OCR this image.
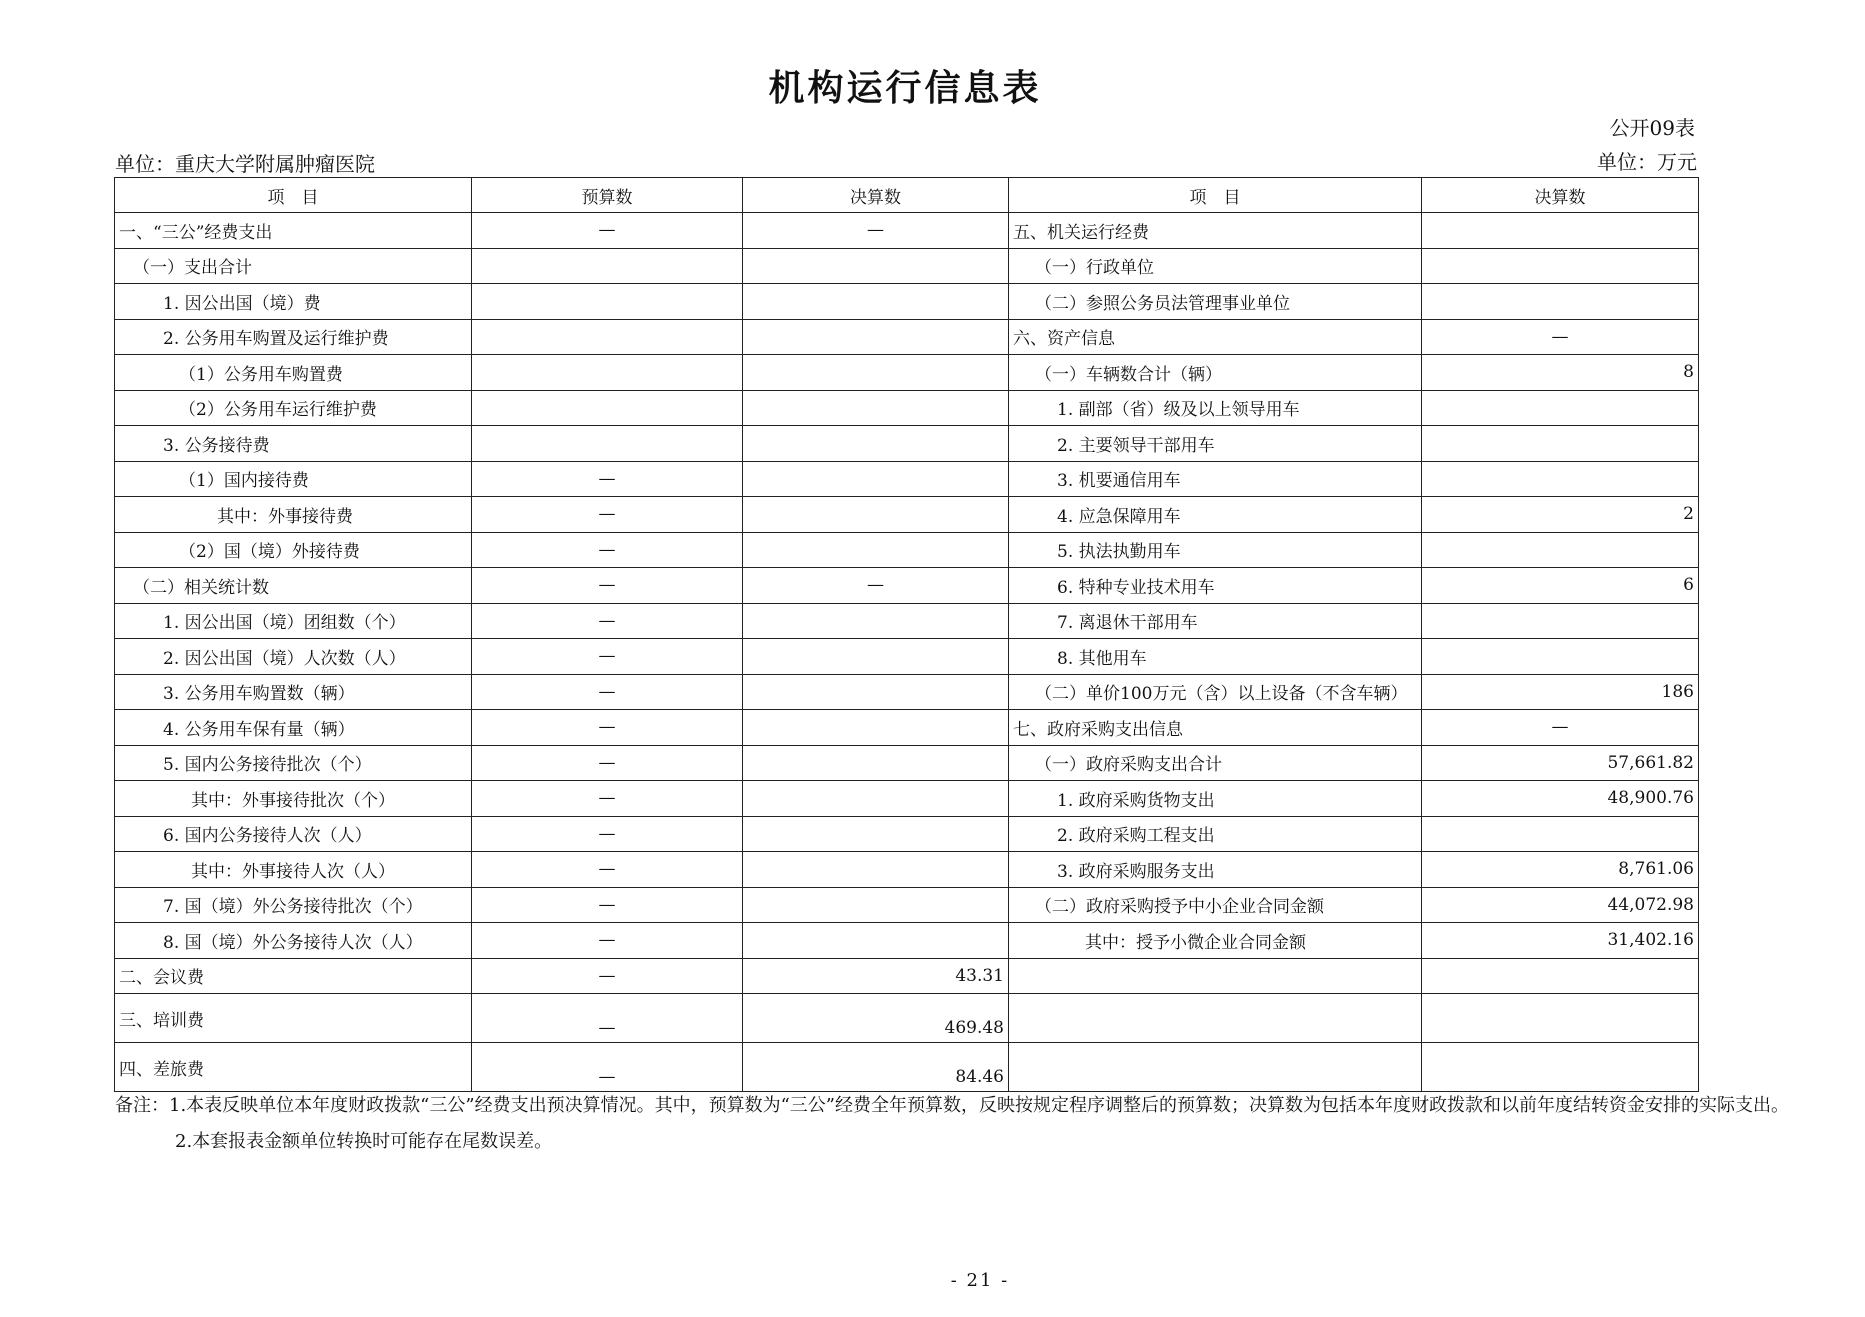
机构运行信息表
公开09表
单位：重庆大学附属肿瘤医院	单位：万元
项　目	预算数	决算数	项　目	决算数
一、“三公”经费支出	—	—	五、机关运行经费	
（一）支出合计			（一）行政单位	
1. 因公出国（境）费			（二）参照公务员法管理事业单位	
2. 公务用车购置及运行维护费			六、资产信息	—
（1）公务用车购置费			（一）车辆数合计（辆）	8
（2）公务用车运行维护费			1. 副部（省）级及以上领导用车	
3. 公务接待费			2. 主要领导干部用车	
（1）国内接待费	—		3. 机要通信用车	
其中：外事接待费	—		4. 应急保障用车	2
（2）国（境）外接待费	—		5. 执法执勤用车	
（二）相关统计数	—	—	6. 特种专业技术用车	6
1. 因公出国（境）团组数（个）	—		7. 离退休干部用车	
2. 因公出国（境）人次数（人）	—		8. 其他用车	
3. 公务用车购置数（辆）	—		（二）单价100万元（含）以上设备（不含车辆）	186
4. 公务用车保有量（辆）	—		七、政府采购支出信息	—
5. 国内公务接待批次（个）	—		（一）政府采购支出合计	57,661.82
其中：外事接待批次（个）	—		1. 政府采购货物支出	48,900.76
6. 国内公务接待人次（人）	—		2. 政府采购工程支出	
其中：外事接待人次（人）	—		3. 政府采购服务支出	8,761.06
7. 国（境）外公务接待批次（个）	—		（二）政府采购授予中小企业合同金额	44,072.98
8. 国（境）外公务接待人次（人）	—		其中：授予小微企业合同金额	31,402.16
二、会议费	—	43.31		
三、培训费	—	469.48		
四、差旅费	—	84.46		
备注：1.本表反映单位本年度财政拨款“三公”经费支出预决算情况。其中，预算数为“三公”经费全年预算数，反映按规定程序调整后的预算数；决算数为包括本年度财政拨款和以前年度结转资金安排的实际支出。
2.本套报表金额单位转换时可能存在尾数误差。
- 21 -
